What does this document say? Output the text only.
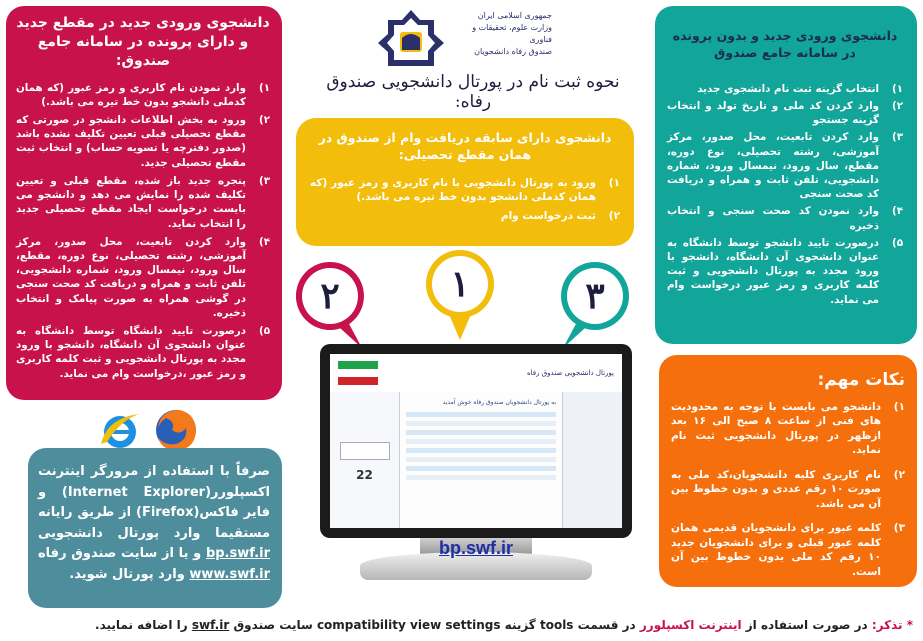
دانشجوی ورودی جدید در مقطع جدید و دارای پرونده در سامانه جامع صندوق:
۱)
وارد نمودن نام کاربری و رمز عبور (که همان کدملی دانشجو بدون خط تیره می باشد.)
۲)
ورود به بخش اطلاعات دانشجو در صورتی که مقطع تحصیلی قبلی تعیین تکلیف نشده باشد (صدور دفترچه یا تسویه حساب) و انتخاب ثبت مقطع تحصیلی جدید.
۳)
پنجره جدید باز شده، مقطع قبلی و تعیین تکلیف شده را نمایش می دهد و دانشجو می بایست درخواست ایجاد مقطع تحصیلی جدید را انتخاب نماید.
۴)
وارد کردن تابعیت، محل صدور، مرکز آموزشی، رشته تحصیلی، نوع دوره، مقطع، سال ورود، نیمسال ورود، شماره دانشجویی، تلفن ثابت و همراه و دریافت کد صحت سنجی در گوشی همراه به صورت پیامک و انتخاب ذخیره.
۵)
درصورت تایید دانشگاه توسط دانشگاه به عنوان دانشجوی آن دانشگاه، دانشجو با ورود مجدد به پورتال دانشجویی و ثبت کلمه کاربری و رمز عبور ،درخواست وام می نماید.
جمهوری اسلامی ایران
وزارت علوم، تحقیقات و فناوری
صندوق رفاه دانشجویان
نحوه ثبت نام در پورتال دانشجویی صندوق رفاه:
دانشجوی دارای سابقه دریافت وام از صندوق در همان مقطع تحصیلی:
۱)
ورود به پورتال دانشجویی با نام کاربری و رمز عبور (که همان کدملی دانشجو بدون خط تیره می باشد.)
۲)
ثبت درخواست وام
دانشجوی ورودی جدید و بدون پرونده در سامانه جامع صندوق
۱)
انتخاب گزینه ثبت نام دانشجوی جدید
۲)
وارد کردن کد ملی و تاریخ تولد و انتخاب گزینه جستجو
۳)
وارد کردن تابعیت، محل صدور، مرکز آموزشی، رشته تحصیلی، نوع دوره، مقطع، سال ورود، نیمسال ورود، شماره دانشجویی، تلفن ثابت و همراه و دریافت کد صحت سنجی
۴)
وارد نمودن کد صحت سنجی و انتخاب ذخیره
۵)
درصورت تایید دانشجو توسط دانشگاه به عنوان دانشجوی آن دانشگاه، دانشجو با ورود مجدد به پورتال دانشجویی و ثبت کلمه کاربری و رمز عبور درخواست وام می نماید.
۲	۱	۳
نکات مهم:
۱)
دانشجو می بایست با توجه به محدودیت های فنی از ساعت ۸ صبح الی ۱۶ بعد ازظهر در پورتال دانشجویی ثبت نام نماید.
۲)
نام کاربری کلیه دانشجویان،کد ملی به صورت ۱۰ رقم عددی و بدون خطوط بین آن می باشد.
۳)
کلمه عبور برای دانشجویان قدیمی همان کلمه عبور قبلی و برای دانشجویان جدید ۱۰ رقم کد ملی بدون خطوط بین آن است.

صرفاً با استفاده از مرورگر اینترنت اکسپلورر(Internet Explorer) و فایر فاکس(Firefox) از طریق رایانه مستقیما وارد پورتال دانشجویی bp.swf.ir و یا از سایت صندوق رفاه www.swf.ir وارد پورتال شوید.

پورتال دانشجویی صندوق رفاه
22
به پورتال دانشجویان صندوق رفاه خوش آمدید
bp.swf.ir
* تذکر: در صورت استفاده از اینترنت اکسپلورر در قسمت tools گزینه compatibility view settings سایت صندوق swf.ir را اضافه نمایید.
